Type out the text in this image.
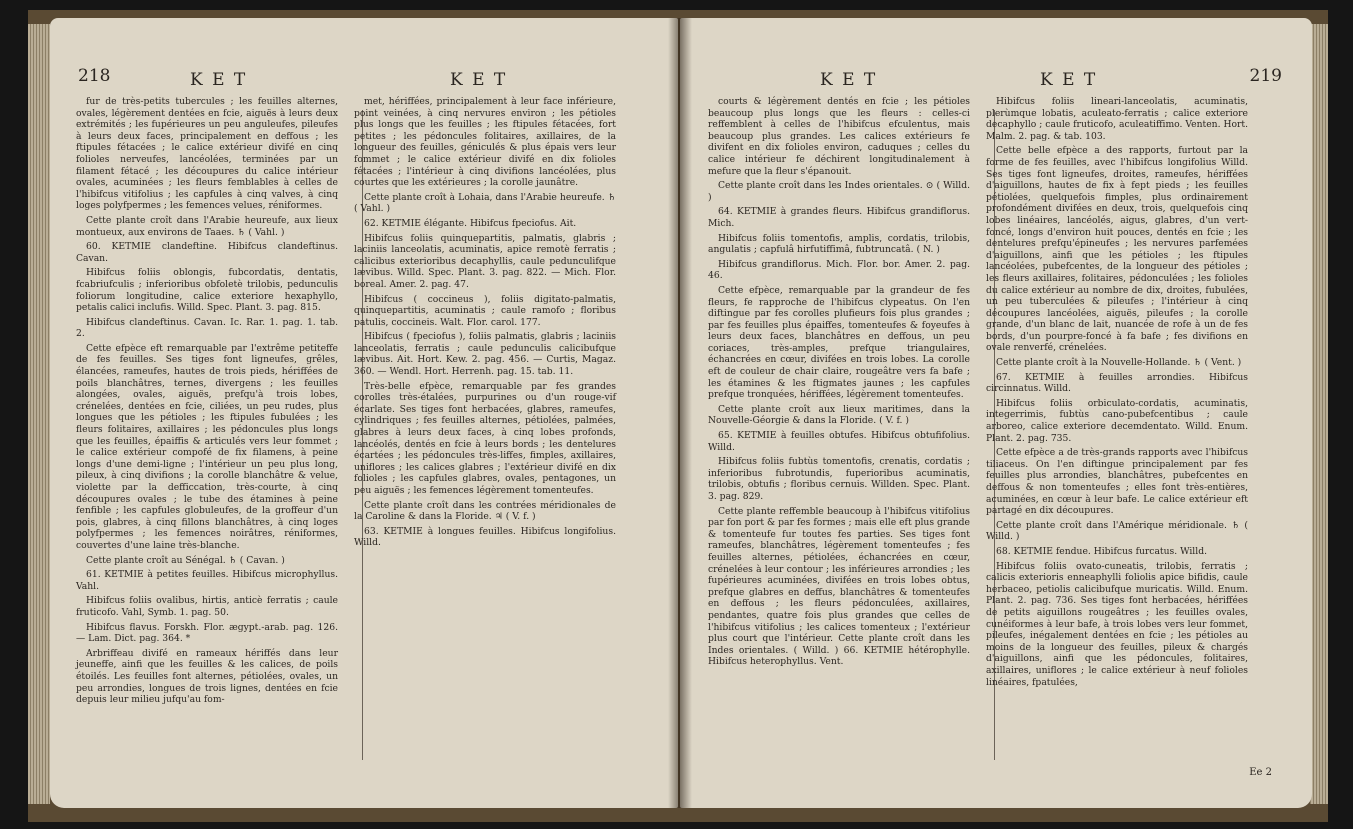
218	K E T	K E T

fur de très-petits tubercules ; les feuilles alternes, ovales, légèrement dentées en fcie, aiguës à leurs deux extrémités ; les fupérieures un peu anguleufes, pileufes à leurs deux faces, principalement en deffous ; les ftipules fétacées ; le calice extérieur divifé en cinq folioles nerveufes, lancéolées, terminées par un filament fétacé ; les découpures du calice intérieur ovales, acuminées ; les fleurs femblables à celles de l'hibifcus vitifolius ; les capfules à cinq valves, à cinq loges polyfpermes ; les femences velues, réniformes.

Cette plante croît dans l'Arabie heureufe, aux lieux montueux, aux environs de Taaes. ♄ ( Vahl. )

60. KETMIE clandeftine. Hibifcus clandeftinus. Cavan.

Hibifcus foliis oblongis, fubcordatis, dentatis, fcabriufculis ; inferioribus obfoletè trilobis, pedunculis foliorum longitudine, calice exteriore hexaphyllo, petalis calici inclufis. Willd. Spec. Plant. 3. pag. 815.

Hibifcus clandeftinus. Cavan. Ic. Rar. 1. pag. 1. tab. 2.

Cette efpèce eft remarquable par l'extrême petiteffe de fes feuilles. Ses tiges font ligneufes, grêles, élancées, rameufes, hautes de trois pieds, hériffées de poils blanchâtres, ternes, divergens ; les feuilles alongées, ovales, aiguës, prefqu'à trois lobes, crénelées, dentées en fcie, ciliées, un peu rudes, plus longues que les pétioles ; les ftipules fubulées ; les fleurs folitaires, axillaires ; les pédoncules plus longs que les feuilles, épaiffis & articulés vers leur fommet ; le calice extérieur compofé de fix filamens, à peine longs d'une demi-ligne ; l'intérieur un peu plus long, pileux, à cinq divifions ; la corolle blanchâtre & velue, violette par la defficcation, très-courte, à cinq découpures ovales ; le tube des étamines à peine fenfible ; les capfules globuleufes, de la groffeur d'un pois, glabres, à cinq fillons blanchâtres, à cinq loges polyfpermes ; les femences noirâtres, réniformes, couvertes d'une laine très-blanche.

Cette plante croît au Sénégal. ♄ ( Cavan. )

61. KETMIE à petites feuilles. Hibifcus microphyllus. Vahl.

Hibifcus foliis ovalibus, hirtis, anticè ferratis ; caule fruticofo. Vahl, Symb. 1. pag. 50.

Hibifcus flavus. Forskh. Flor. ægypt.-arab. pag. 126. — Lam. Dict. pag. 364. *

Arbriffeau divifé en rameaux hériffés dans leur jeuneffe, ainfi que les feuilles & les calices, de poils étoilés. Les feuilles font alternes, pétiolées, ovales, un peu arrondies, longues de trois lignes, dentées en fcie depuis leur milieu jufqu'au fom-

met, hériffées, principalement à leur face inférieure, point veinées, à cinq nervures environ ; les pétioles plus longs que les feuilles ; les ftipules fétacées, fort petites ; les pédoncules folitaires, axillaires, de la longueur des feuilles, géniculés & plus épais vers leur fommet ; le calice extérieur divifé en dix folioles fétacées ; l'intérieur à cinq divifions lancéolées, plus courtes que les extérieures ; la corolle jaunâtre.

Cette plante croît à Lohaia, dans l'Arabie heureufe. ♄ ( Vahl. )

62. KETMIE élégante. Hibifcus fpeciofus. Ait.

Hibifcus foliis quinquepartitis, palmatis, glabris ; laciniis lanceolatis, acuminatis, apice remotè ferratis ; calicibus exterioribus decaphyllis, caule pedunculifque lævibus. Willd. Spec. Plant. 3. pag. 822. — Mich. Flor. boreal. Amer. 2. pag. 47.

Hibifcus ( coccineus ), foliis digitato-palmatis, quinquepartitis, acuminatis ; caule ramofo ; floribus patulis, coccineis. Walt. Flor. carol. 177.

Hibifcus ( fpeciofus ), foliis palmatis, glabris ; laciniis lanceolatis, ferratis ; caule pedunculis calicibufque lævibus. Ait. Hort. Kew. 2. pag. 456. — Curtis, Magaz. 360. — Wendl. Hort. Herrenh. pag. 15. tab. 11.

Très-belle efpèce, remarquable par fes grandes corolles très-étalées, purpurines ou d'un rouge-vif écarlate. Ses tiges font herbacées, glabres, rameufes, cylindriques ; fes feuilles alternes, pétiolées, palmées, glabres à leurs deux faces, à cinq lobes profonds, lancéolés, dentés en fcie à leurs bords ; les dentelures écartées ; les pédoncules très-liffes, fimples, axillaires, uniflores ; les calices glabres ; l'extérieur divifé en dix folioles ; les capfules glabres, ovales, pentagones, un peu aiguës ; les femences légèrement tomenteufes.

Cette plante croît dans les contrées méridionales de la Caroline & dans la Floride. ♃ ( V. f. )

63. KETMIE à longues feuilles. Hibifcus longifolius. Willd.

K E T	K E T	219

courts & légèrement dentés en fcie ; les pétioles beaucoup plus longs que les fleurs : celles-ci reffemblent à celles de l'hibifcus efculentus, mais beaucoup plus grandes. Les calices extérieurs fe divifent en dix folioles environ, caduques ; celles du calice intérieur fe déchirent longitudinalement à mefure que la fleur s'épanouit.

Cette plante croît dans les Indes orientales. ⊙ ( Willd. )

64. KETMIE à grandes fleurs. Hibifcus grandiflorus. Mich.

Hibifcus foliis tomentofis, amplis, cordatis, trilobis, angulatis ; capfulâ hirfutiffimâ, fubtruncatâ. ( N. )

Hibifcus grandiflorus. Mich. Flor. bor. Amer. 2. pag. 46.

Cette efpèce, remarquable par la grandeur de fes fleurs, fe rapproche de l'hibifcus clypeatus. On l'en diftingue par fes corolles plufieurs fois plus grandes ; par fes feuilles plus épaiffes, tomenteufes & foyeufes à leurs deux faces, blanchâtres en deffous, un peu coriaces, très-amples, prefque triangulaires, échancrées en cœur, divifées en trois lobes. La corolle eft de couleur de chair claire, rougeâtre vers fa bafe ; les étamines & les ftigmates jaunes ; les capfules prefque tronquées, hériffées, légèrement tomenteufes.

Cette plante croît aux lieux maritimes, dans la Nouvelle-Géorgie & dans la Floride. ( V. f. )

65. KETMIE à feuilles obtufes. Hibifcus obtufifolius. Willd.

Hibifcus foliis fubtùs tomentofis, crenatis, cordatis ; inferioribus fubrotundis, fuperioribus acuminatis, trilobis, obtufis ; floribus cernuis. Willden. Spec. Plant. 3. pag. 829.

Cette plante reffemble beaucoup à l'hibifcus vitifolius par fon port & par fes formes ; mais elle eft plus grande & tomenteufe fur toutes fes parties. Ses tiges font rameufes, blanchâtres, légèrement tomenteufes ; fes feuilles alternes, pétiolées, échancrées en cœur, crénelées à leur contour ; les inférieures arrondies ; les fupérieures acuminées, divifées en trois lobes obtus, prefque glabres en deffus, blanchâtres & tomenteufes en deffous ; les fleurs pédonculées, axillaires, pendantes, quatre fois plus grandes que celles de l'hibifcus vitifolius ; les calices tomenteux ; l'extérieur plus court que l'intérieur. Cette plante croît dans les Indes orientales. ( Willd. ) 66. KETMIE hétérophylle. Hibifcus heterophyllus. Vent.

Hibifcus foliis lineari-lanceolatis, acuminatis, plerùmque lobatis, aculeato-ferratis ; calice exteriore decaphyllo ; caule fruticofo, aculeatiffimo. Venten. Hort. Malm. 2. pag. & tab. 103.

Cette belle efpèce a des rapports, furtout par la forme de fes feuilles, avec l'hibifcus longifolius Willd. Ses tiges font ligneufes, droites, rameufes, hériffées d'aiguillons, hautes de fix à fept pieds ; les feuilles pétiolées, quelquefois fimples, plus ordinairement profondément divifées en deux, trois, quelquefois cinq lobes linéaires, lancéolés, aigus, glabres, d'un vert-foncé, longs d'environ huit pouces, dentés en fcie ; les dentelures prefqu'épineufes ; les nervures parfemées d'aiguillons, ainfi que les pétioles ; les ftipules lancéolées, pubefcentes, de la longueur des pétioles ; les fleurs axillaires, folitaires, pédonculées ; les folioles du calice extérieur au nombre de dix, droites, fubulées, un peu tuberculées & pileufes ; l'intérieur à cinq découpures lancéolées, aiguës, pileufes ; la corolle grande, d'un blanc de lait, nuancée de rofe à un de fes bords, d'un pourpre-foncé à fa bafe ; fes divifions en ovale renverfé, crénelées.

Cette plante croît à la Nouvelle-Hollande. ♄ ( Vent. )

67. KETMIE à feuilles arrondies. Hibifcus circinnatus. Willd.

Hibifcus foliis orbiculato-cordatis, acuminatis, integerrimis, fubtùs cano-pubefcentibus ; caule arboreo, calice exteriore decemdentato. Willd. Enum. Plant. 2. pag. 735.

Cette efpèce a de très-grands rapports avec l'hibifcus tiliaceus. On l'en diftingue principalement par fes feuilles plus arrondies, blanchâtres, pubefcentes en deffous & non tomenteufes ; elles font très-entières, acuminées, en cœur à leur bafe. Le calice extérieur eft partagé en dix découpures.

Cette plante croît dans l'Amérique méridionale. ♄ ( Willd. )

68. KETMIE fendue. Hibifcus furcatus. Willd.

Hibifcus foliis ovato-cuneatis, trilobis, ferratis ; calicis exterioris enneaphylli foliolis apice bifidis, caule herbaceo, petiolis calicibufque muricatis. Willd. Enum. Plant. 2. pag. 736. Ses tiges font herbacées, hériffées de petits aiguillons rougeâtres ; les feuilles ovales, cunéiformes à leur bafe, à trois lobes vers leur fommet, pileufes, inégalement dentées en fcie ; les pétioles au moins de la longueur des feuilles, pileux & chargés d'aiguillons, ainfi que les pédoncules, folitaires, axillaires, uniflores ; le calice extérieur à neuf folioles linéaires, fpatulées,

Ee 2
